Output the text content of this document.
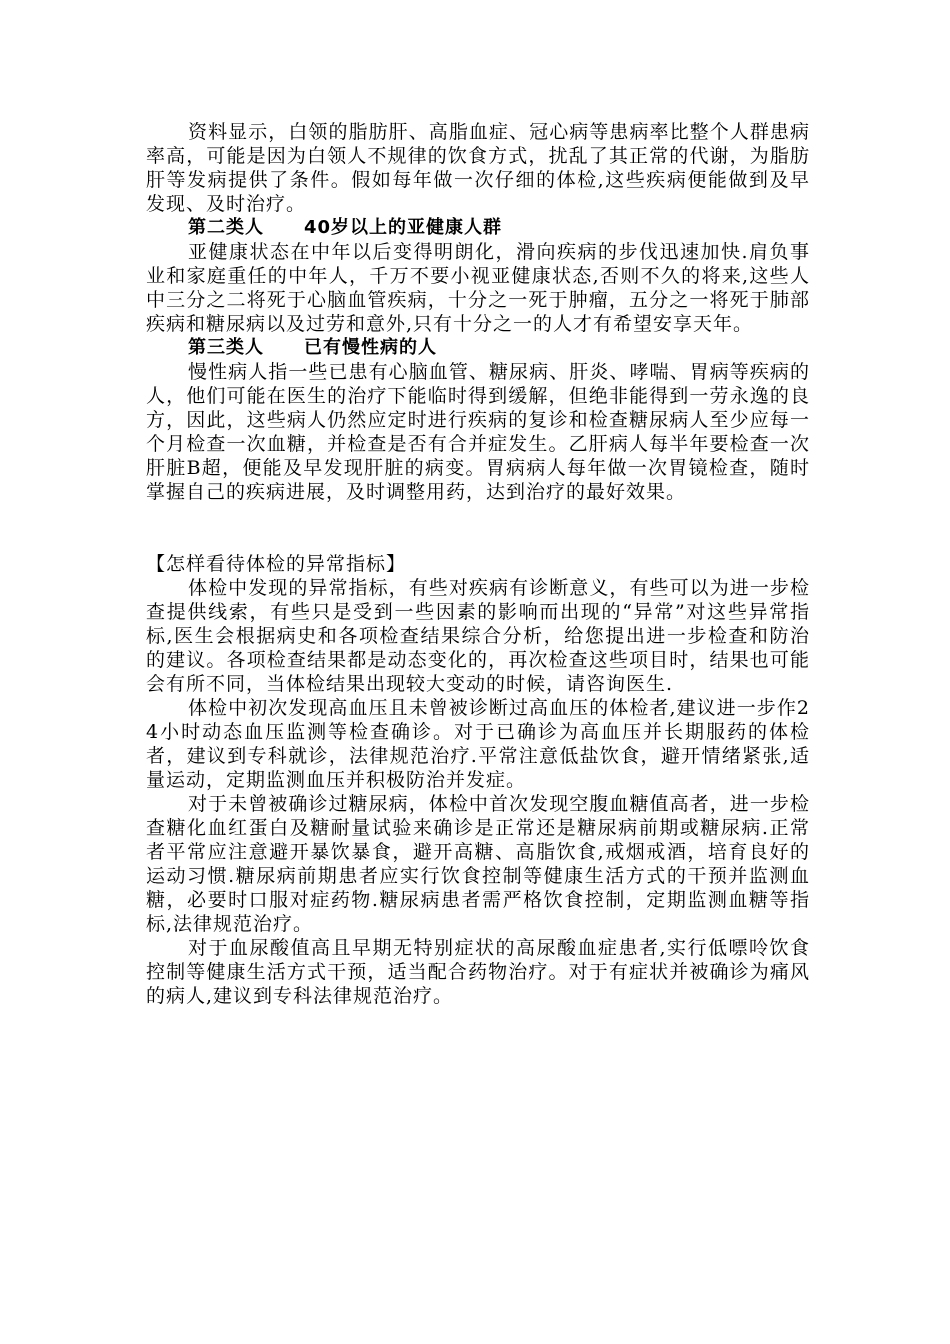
资料显示，白领的脂肪肝、高脂血症、冠心病等患病率比整个人群患病率高，可能是因为白领人不规律的饮食方式，扰乱了其正常的代谢，为脂肪肝等发病提供了条件。假如每年做一次仔细的体检,这些疾病便能做到及早发现、及时治疗。

第二类人 40岁以上的亚健康人群

亚健康状态在中年以后变得明朗化，滑向疾病的步伐迅速加快.肩负事业和家庭重任的中年人，千万不要小视亚健康状态,否则不久的将来,这些人中三分之二将死于心脑血管疾病，十分之一死于肿瘤，五分之一将死于肺部疾病和糖尿病以及过劳和意外,只有十分之一的人才有希望安享天年。

第三类人 已有慢性病的人

慢性病人指一些已患有心脑血管、糖尿病、肝炎、哮喘、胃病等疾病的人，他们可能在医生的治疗下能临时得到缓解，但绝非能得到一劳永逸的良方，因此，这些病人仍然应定时进行疾病的复诊和检查糖尿病人至少应每一个月检查一次血糖，并检查是否有合并症发生。乙肝病人每半年要检查一次肝脏B超，便能及早发现肝脏的病变。胃病病人每年做一次胃镜检查，随时掌握自己的疾病进展，及时调整用药，达到治疗的最好效果。

【怎样看待体检的异常指标】

体检中发现的异常指标，有些对疾病有诊断意义，有些可以为进一步检查提供线索，有些只是受到一些因素的影响而出现的“异常”对这些异常指标,医生会根据病史和各项检查结果综合分析，给您提出进一步检查和防治的建议。各项检查结果都是动态变化的，再次检查这些项目时，结果也可能会有所不同，当体检结果出现较大变动的时候，请咨询医生.

体检中初次发现高血压且未曾被诊断过高血压的体检者,建议进一步作24小时动态血压监测等检查确诊。对于已确诊为高血压并长期服药的体检者，建议到专科就诊，法律规范治疗.平常注意低盐饮食，避开情绪紧张,适量运动，定期监测血压并积极防治并发症。

对于未曾被确诊过糖尿病，体检中首次发现空腹血糖值高者，进一步检查糖化血红蛋白及糖耐量试验来确诊是正常还是糖尿病前期或糖尿病.正常者平常应注意避开暴饮暴食，避开高糖、高脂饮食,戒烟戒酒，培育良好的运动习惯.糖尿病前期患者应实行饮食控制等健康生活方式的干预并监测血糖，必要时口服对症药物.糖尿病患者需严格饮食控制，定期监测血糖等指标,法律规范治疗。

对于血尿酸值高且早期无特别症状的高尿酸血症患者,实行低嘌呤饮食控制等健康生活方式干预，适当配合药物治疗。对于有症状并被确诊为痛风的病人,建议到专科法律规范治疗。
